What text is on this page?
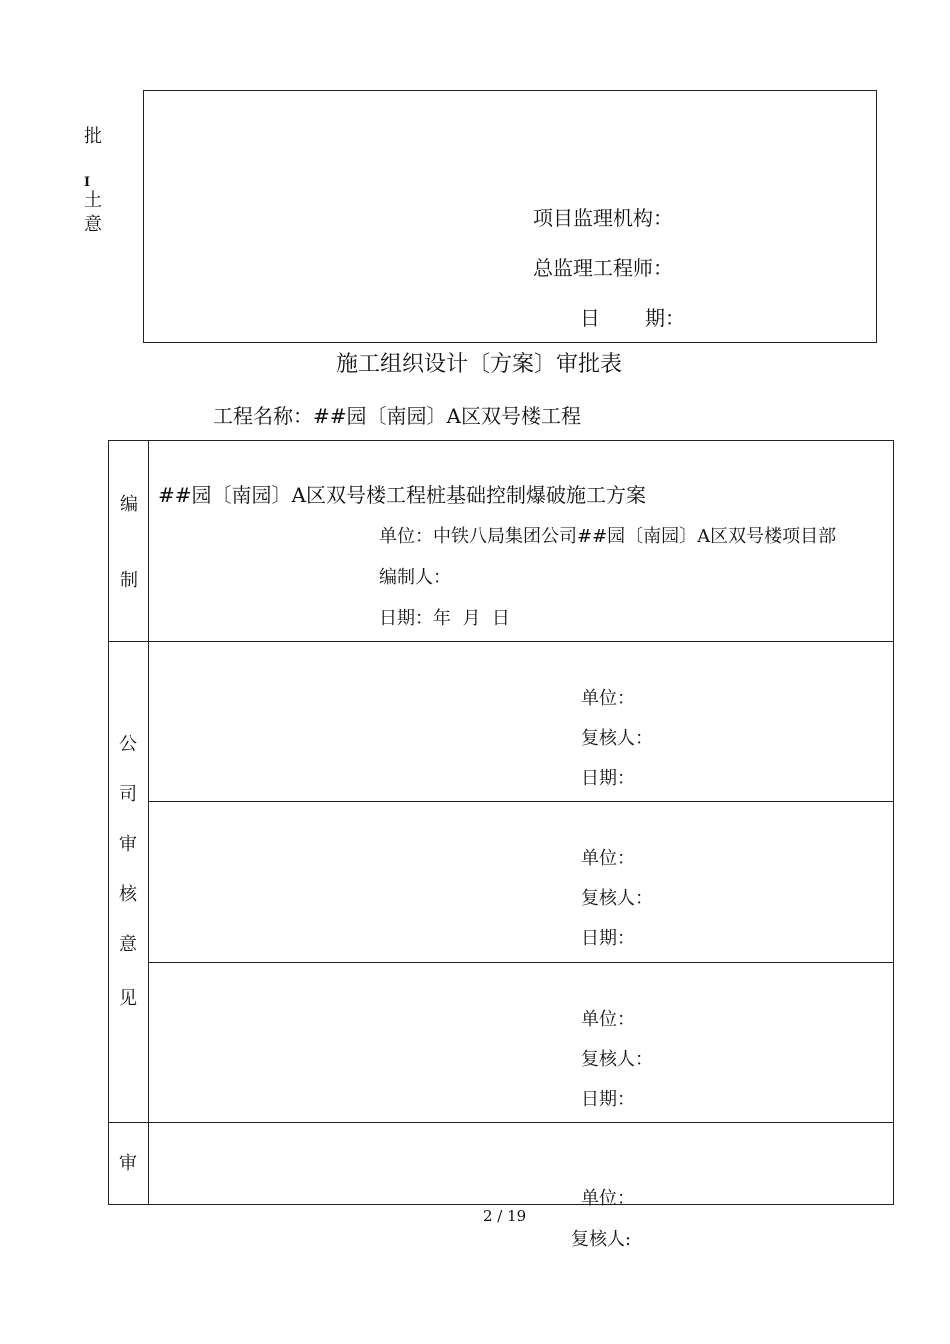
批
I
土
意	项目监理机构：
总监理工程师：
日 期：
施工组织设计〔方案〕审批表
工程名称：##园〔南园〕A区双号楼工程
编
制
##园〔南园〕A区双号楼工程桩基础控制爆破施工方案
单位：中铁八局集团公司##园〔南园〕A区双号楼项目部
编制人：
日期：年  月  日
公
司
审
核
意
见
单位：
复核人：
日期：
单位：
复核人：
日期：
单位：
复核人：
日期：
审
单位：
2 / 19
复核人:
